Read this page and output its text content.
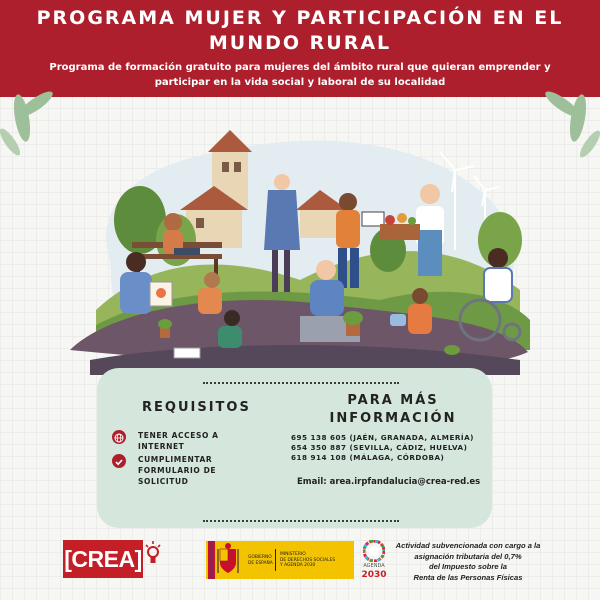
PROGRAMA MUJER Y PARTICIPACIÓN EN EL
MUNDO RURAL
Programa de formación gratuito para mujeres del ámbito rural que quieran emprender y
participar en la vida social y laboral de su localidad
REQUISITOS
TENER ACCESO A INTERNET
CUMPLIMENTAR
FORMULARIO DE
SOLICITUD
PARA MÁS
INFORMACIÓN
695 138 605 (JAÉN, GRANADA, ALMERÍA)
654 350 887 (SEVILLA, CÁDIZ, HUELVA)
618 914 108 (MÁLAGA, CÓRDOBA)
Email: area.irpfandalucia@crea-red.es
[CREA]	GOBIERNO
DE ESPAÑA
MINISTERIO
DE DERECHOS SOCIALES
Y AGENDA 2030	AGENDA
2030
Actividad subvencionada con cargo a la
asignación tributaria del 0,7%
del Impuesto sobre la
Renta de las Personas Físicas
